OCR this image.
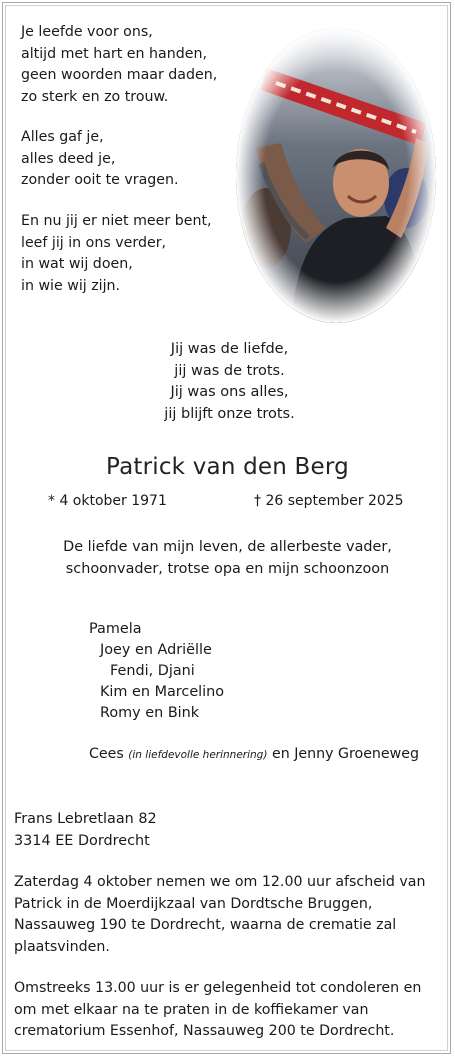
Je leefde voor ons,
altijd met hart en handen,
geen woorden maar daden,
zo sterk en zo trouw.
Alles gaf je,
alles deed je,
zonder ooit te vragen.
En nu jij er niet meer bent,
leef jij in ons verder,
in wat wij doen,
in wie wij zijn.
Jij was de liefde,
jij was de trots.
Jij was ons alles,
jij blijft onze trots.
Patrick van den Berg
* 4 oktober 1971	† 26 september 2025
De liefde van mijn leven, de allerbeste vader,
schoonvader, trotse opa en mijn schoonzoon
Pamela
Joey en Adriëlle
Fendi, Djani
Kim en Marcelino
Romy en Bink
Cees (in liefdevolle herinnering) en Jenny Groeneweg
Frans Lebretlaan 82
3314 EE Dordrecht
Zaterdag 4 oktober nemen we om 12.00 uur afscheid van Patrick in de Moerdijkzaal van Dordtsche Bruggen, Nassauweg 190 te Dordrecht, waarna de crematie zal plaatsvinden.
Omstreeks 13.00 uur is er gelegenheid tot condoleren en om met elkaar na te praten in de koffiekamer van crematorium Essenhof, Nassauweg 200 te Dordrecht.
